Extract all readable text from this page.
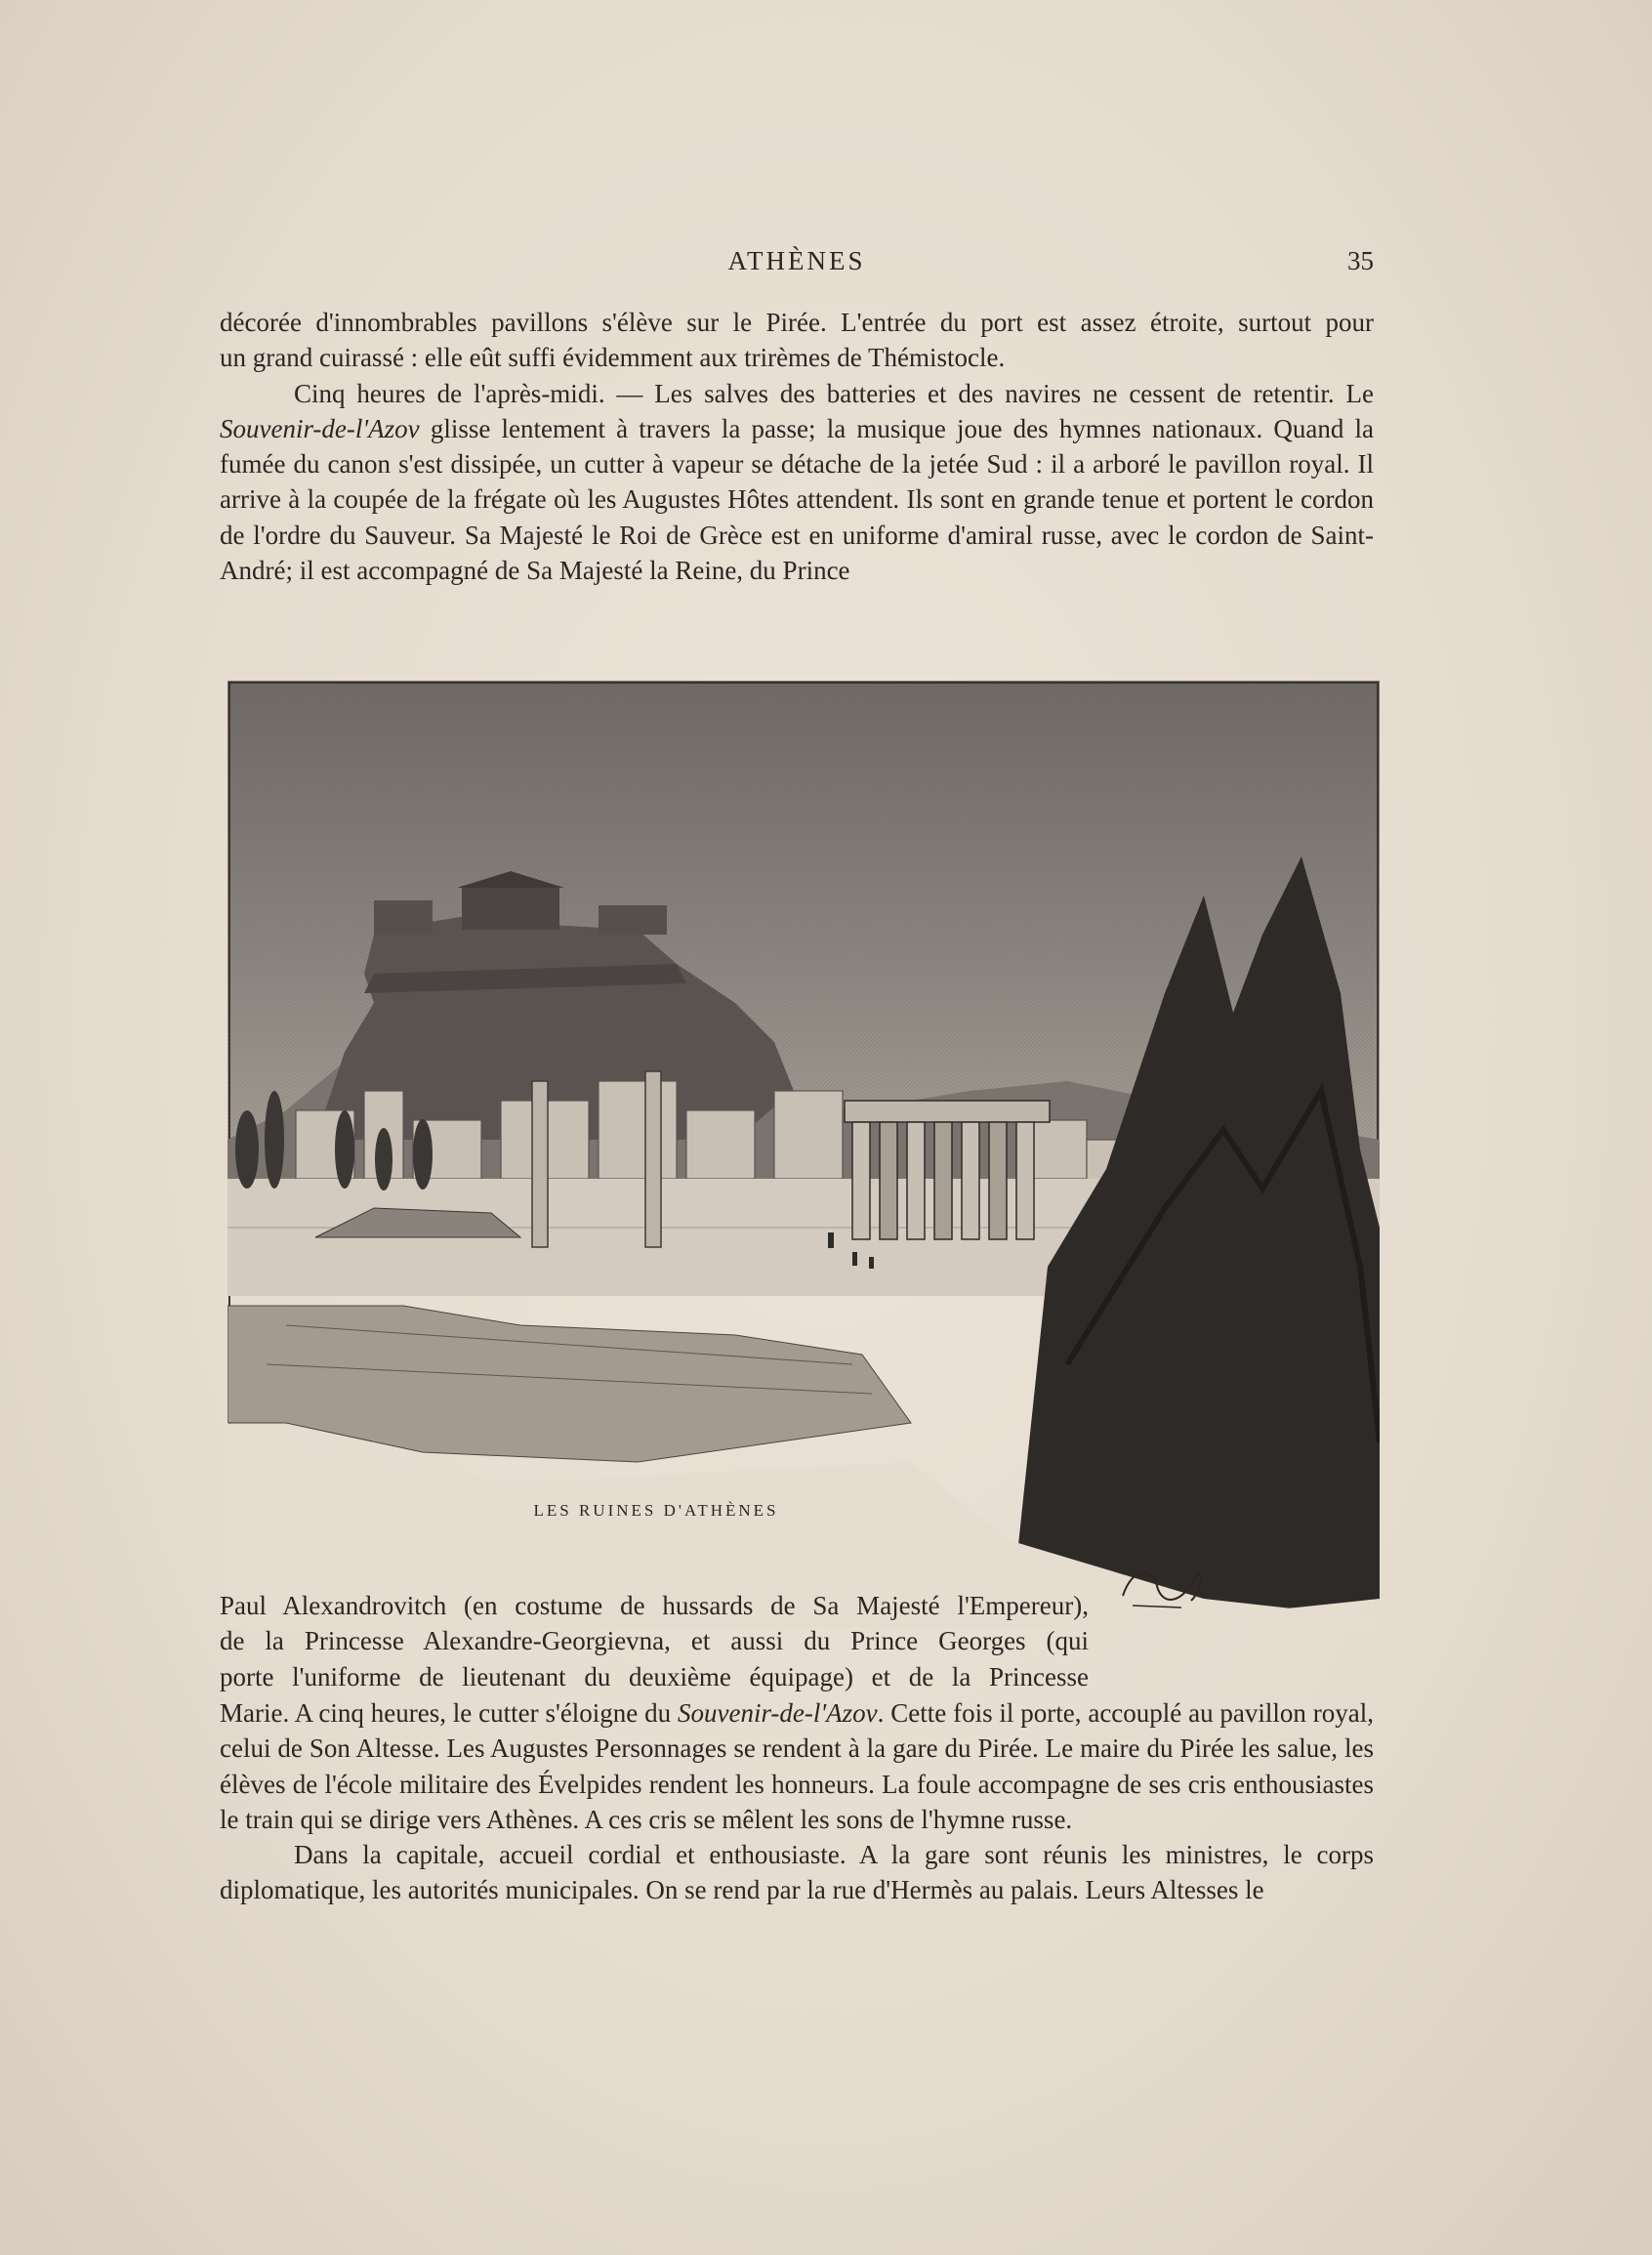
ATHÈNES	35

décorée d'innombrables pavillons s'élève sur le Pirée. L'entrée du port est assez étroite, surtout pour
un grand cuirassé : elle eût suffi évidemment aux trirèmes de Thémistocle.

Cinq heures de l'après-midi. — Les salves des batteries et des navires ne cessent de retentir. Le Souvenir-de-l'Azov glisse lentement à travers la passe; la musique joue des hymnes nationaux. Quand la fumée du canon s'est dissipée, un cutter à vapeur se détache de la jetée Sud : il a arboré le pavillon royal. Il arrive à la coupée de la frégate où les Augustes Hôtes attendent. Ils sont en grande tenue et portent le cordon de l'ordre du Sauveur. Sa Majesté le Roi de Grèce est en uniforme d'amiral russe, avec le cordon de Saint-André; il est accompagné de Sa Majesté la Reine, du Prince

LES RUINES D'ATHÈNES

Paul Alexandrovitch (en costume de hussards de Sa Majesté l'Empereur),

de la Princesse Alexandre-Georgievna, et aussi du Prince Georges (qui

porte l'uniforme de lieutenant du deuxième équipage) et de la Princesse

Marie. A cinq heures, le cutter s'éloigne du Souvenir-de-l'Azov. Cette fois il porte, accouplé au pavillon royal, celui de Son Altesse. Les Augustes Personnages se rendent à la gare du Pirée. Le maire du Pirée les salue, les élèves de l'école militaire des Évelpides rendent les honneurs. La foule accompagne de ses cris enthousiastes le train qui se dirige vers Athènes. A ces cris se mêlent les sons de l'hymne russe.

Dans la capitale, accueil cordial et enthousiaste. A la gare sont réunis les ministres, le corps diplomatique, les autorités municipales. On se rend par la rue d'Hermès au palais. Leurs Altesses le
